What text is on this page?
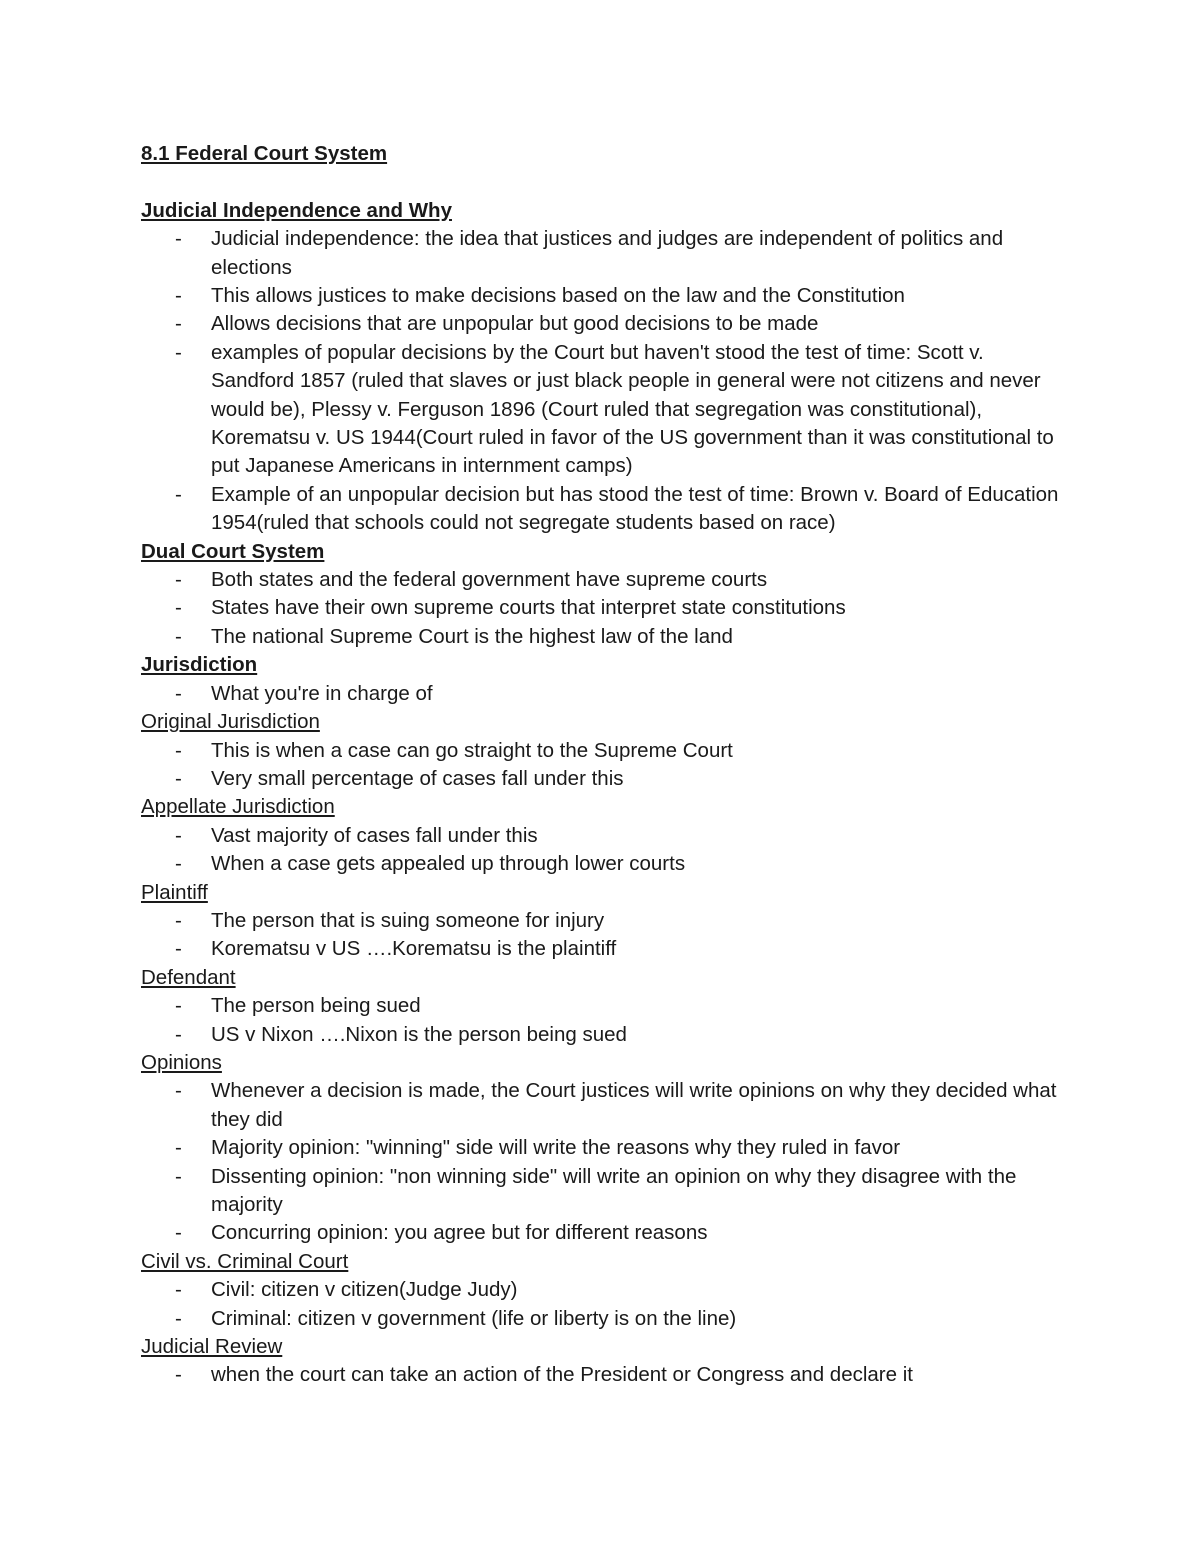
8.1 Federal Court System
Judicial Independence and Why
- Judicial independence: the idea that justices and judges are independent of politics and elections
- This allows justices to make decisions based on the law and the Constitution
- Allows decisions that are unpopular but good decisions to be made
- examples of popular decisions by the Court but haven't stood the test of time: Scott v. Sandford 1857 (ruled that slaves or just black people in general were not citizens and never would be), Plessy v. Ferguson 1896 (Court ruled that segregation was constitutional), Korematsu v. US 1944(Court ruled in favor of the US government than it was constitutional to put Japanese Americans in internment camps)
- Example of an unpopular decision but has stood the test of time: Brown v. Board of Education 1954(ruled that schools could not segregate students based on race)
Dual Court System
- Both states and the federal government have supreme courts
- States have their own supreme courts that interpret state constitutions
- The national Supreme Court is the highest law of the land
Jurisdiction
- What you're in charge of
Original Jurisdiction
- This is when a case can go straight to the Supreme Court
- Very small percentage of cases fall under this
Appellate Jurisdiction
- Vast majority of cases fall under this
- When a case gets appealed up through lower courts
Plaintiff
- The person that is suing someone for injury
- Korematsu v US ….Korematsu is the plaintiff
Defendant
- The person being sued
- US v Nixon ….Nixon is the person being sued
Opinions
- Whenever a decision is made, the Court justices will write opinions on why they decided what they did
- Majority opinion: "winning" side will write the reasons why they ruled in favor
- Dissenting opinion: "non winning side" will write an opinion on why they disagree with the majority
- Concurring opinion: you agree but for different reasons
Civil vs. Criminal Court
- Civil: citizen v citizen(Judge Judy)
- Criminal: citizen v government (life or liberty is on the line)
Judicial Review
- when the court can take an action of the President or Congress and declare it
